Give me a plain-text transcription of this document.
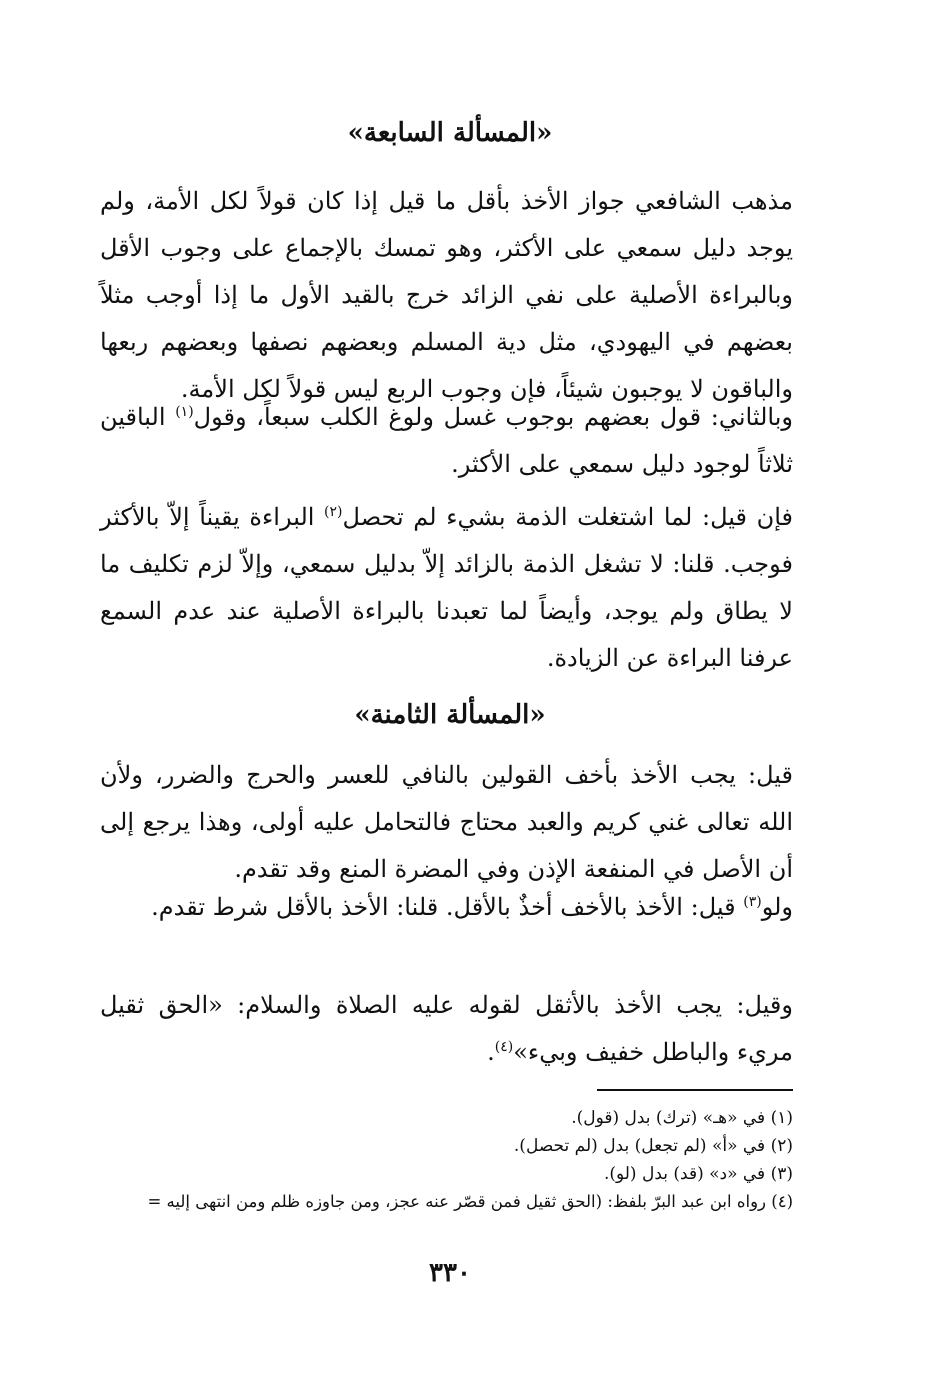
«المسألة السابعة»

مذهب الشافعي جواز الأخذ بأقل ما قيل إذا كان قولاً لكل الأمة، ولم يوجد دليل سمعي على الأكثر، وهو تمسك بالإجماع على وجوب الأقل وبالبراءة الأصلية على نفي الزائد خرج بالقيد الأول ما إذا أوجب مثلاً بعضهم في اليهودي، مثل دية المسلم وبعضهم نصفها وبعضهم ربعها والباقون لا يوجبون شيئاً، فإن وجوب الربع ليس قولاً لكل الأمة.

وبالثاني: قول بعضهم بوجوب غسل ولوغ الكلب سبعاً، وقول$^{(١)}$ الباقين ثلاثاً لوجود دليل سمعي على الأكثر.

فإن قيل: لما اشتغلت الذمة بشيء لم تحصل$^{(٢)}$ البراءة يقيناً إلاّ بالأكثر فوجب. قلنا: لا تشغل الذمة بالزائد إلاّ بدليل سمعي، وإلاّ لزم تكليف ما لا يطاق ولم يوجد، وأيضاً لما تعبدنا بالبراءة الأصلية عند عدم السمع عرفنا البراءة عن الزيادة.

«المسألة الثامنة»

قيل: يجب الأخذ بأخف القولين بالنافي للعسر والحرج والضرر، ولأن الله تعالى غني كريم والعبد محتاج فالتحامل عليه أولى، وهذا يرجع إلى أن الأصل في المنفعة الإذن وفي المضرة المنع وقد تقدم.

ولو$^{(٣)}$ قيل: الأخذ بالأخف أخذٌ بالأقل. قلنا: الأخذ بالأقل شرط تقدم.

وقيل: يجب الأخذ بالأثقل لقوله عليه الصلاة والسلام: «الحق ثقيل مريء والباطل خفيف وبيء»$^{(٤)}$.

(١) في «هـ» (ترك) بدل (قول).
(٢) في «أ» (لم تجعل) بدل (لم تحصل).
(٣) في «د» (قد) بدل (لو).
(٤) رواه ابن عبد البرّ بلفظ: (الحق ثقيل فمن قصّر عنه عجز، ومن جاوزه ظلم ومن انتهى إليه =
٣٣٠
